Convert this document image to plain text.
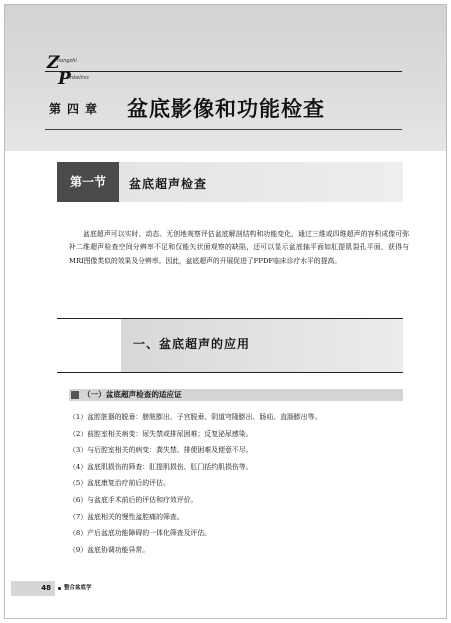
Z
hongzhi
P
enkelinic
第四章 盆底影像和功能检查
第一节	盆底超声检查

盆底超声可以实时、动态、无创地观察评估盆底解剖结构和功能变化，通过三维或四维超声的容积成像可弥补二维超声检查空间分辨率不足和仅能矢状面观察的缺陷，还可以显示盆底轴平面如肛提肌裂孔平面，获得与MRI图像类似的效果及分辨率。因此，盆底超声的开展促进了FPDF临床诊疗水平的提高。

一、盆底超声的应用
（一）盆底超声检查的适应证
（1）盆腔脏器的脱垂：膀胱膨出、子宫脱垂、阴道穹隆膨出、肠疝、直肠膨出等。
（2）前腔室相关病变：尿失禁或排尿困难；反复泌尿感染。
（3）与后腔室相关的病变：粪失禁、排便困难及便意不尽。
（4）盆底肌损伤的筛查：肛提肌损伤、肛门括约肌损伤等。
（5）盆底康复治疗前后的评估。
（6）与盆底手术前后的评估和疗效评价。
（7）盆底相关的慢性盆腔痛的筛查。
（8）产后盆底功能障碍的一体化筛查及评估。
（9）盆底协调功能异常。
48	整合盆底学
